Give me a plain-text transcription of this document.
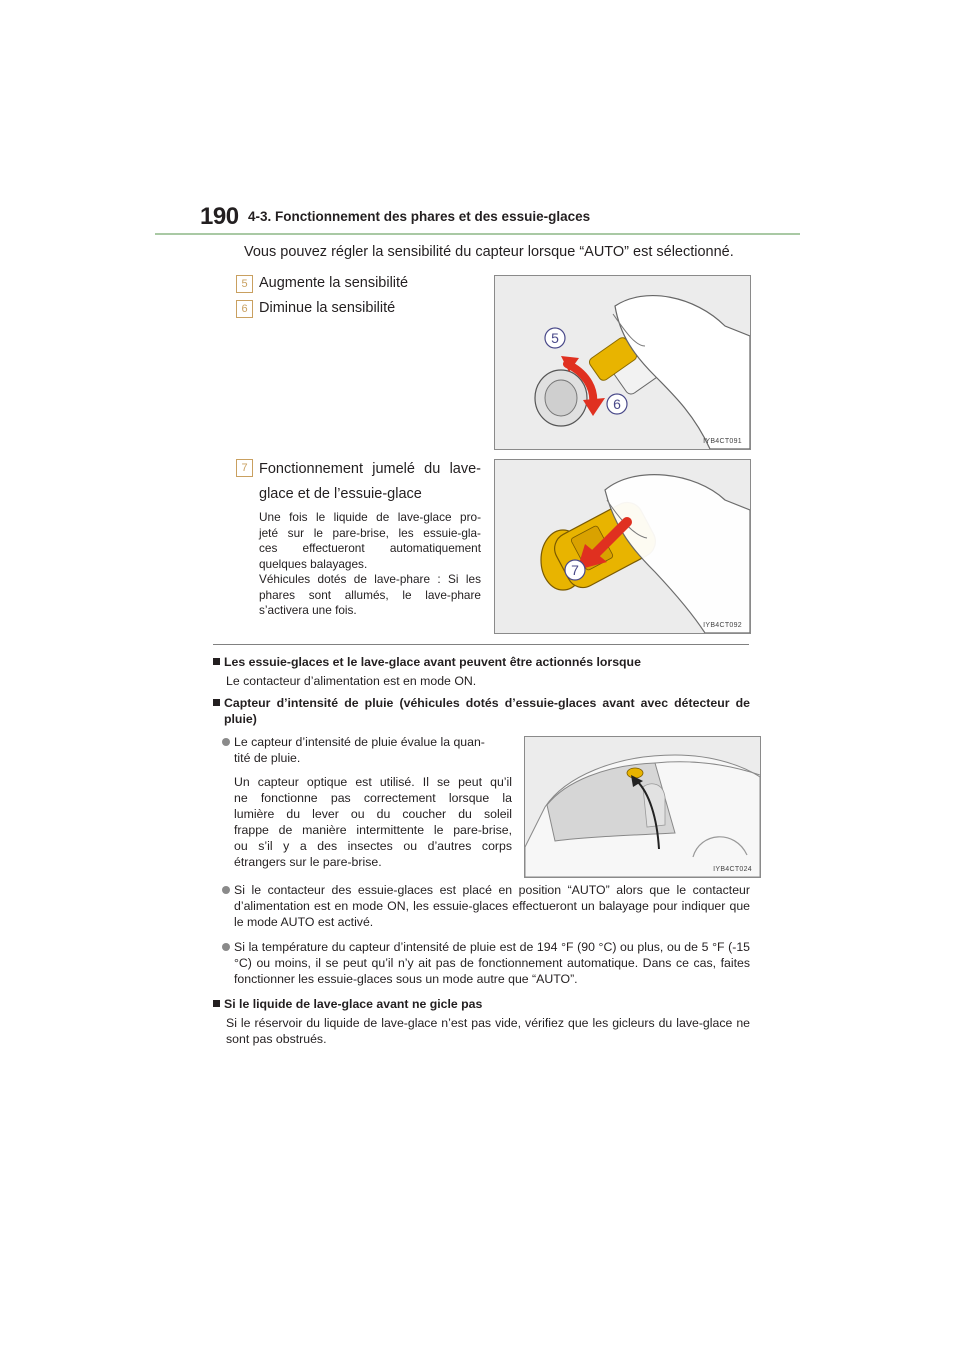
190 4-3. Fonctionnement des phares et des essuie-glaces
Vous pouvez régler la sensibilité du capteur lorsque “AUTO” est sélectionné.
5 Augmente la sensibilité
6 Diminue la sensibilité
5
6
IYB4CT091
7 Fonctionnement jumelé du lave-glace et de l’essuie-glace
Une fois le liquide de lave-glace pro-
jeté sur le pare-brise, les essuie-gla-
ces effectueront automatiquement
quelques balayages.
Véhicules dotés de lave-phare : Si les
phares sont allumés, le lave-phare
s’activera une fois.
7
IYB4CT092
Les essuie-glaces et le lave-glace avant peuvent être actionnés lorsque
Le contacteur d’alimentation est en mode ON.
Capteur d’intensité de pluie (véhicules dotés d’essuie-glaces avant avec détecteur de pluie)
Le capteur d’intensité de pluie évalue la quan-
tité de pluie.
Un capteur optique est utilisé. Il se peut qu’il
ne fonctionne pas correctement lorsque la
lumière du lever ou du coucher du soleil
frappe de manière intermittente le pare-brise,
ou s’il y a des insectes ou d’autres corps
étrangers sur le pare-brise.
IYB4CT024
Si le contacteur des essuie-glaces est placé en position “AUTO” alors que le contacteur d’alimentation est en mode ON, les essuie-glaces effectueront un balayage pour indiquer que le mode AUTO est activé.
Si la température du capteur d’intensité de pluie est de 194 °F (90 °C) ou plus, ou de 5 °F (-15 °C) ou moins, il se peut qu’il n’y ait pas de fonctionnement automatique. Dans ce cas, faites fonctionner les essuie-glaces sous un mode autre que “AUTO”.
Si le liquide de lave-glace avant ne gicle pas
Si le réservoir du liquide de lave-glace n’est pas vide, vérifiez que les gicleurs du lave-glace ne sont pas obstrués.
